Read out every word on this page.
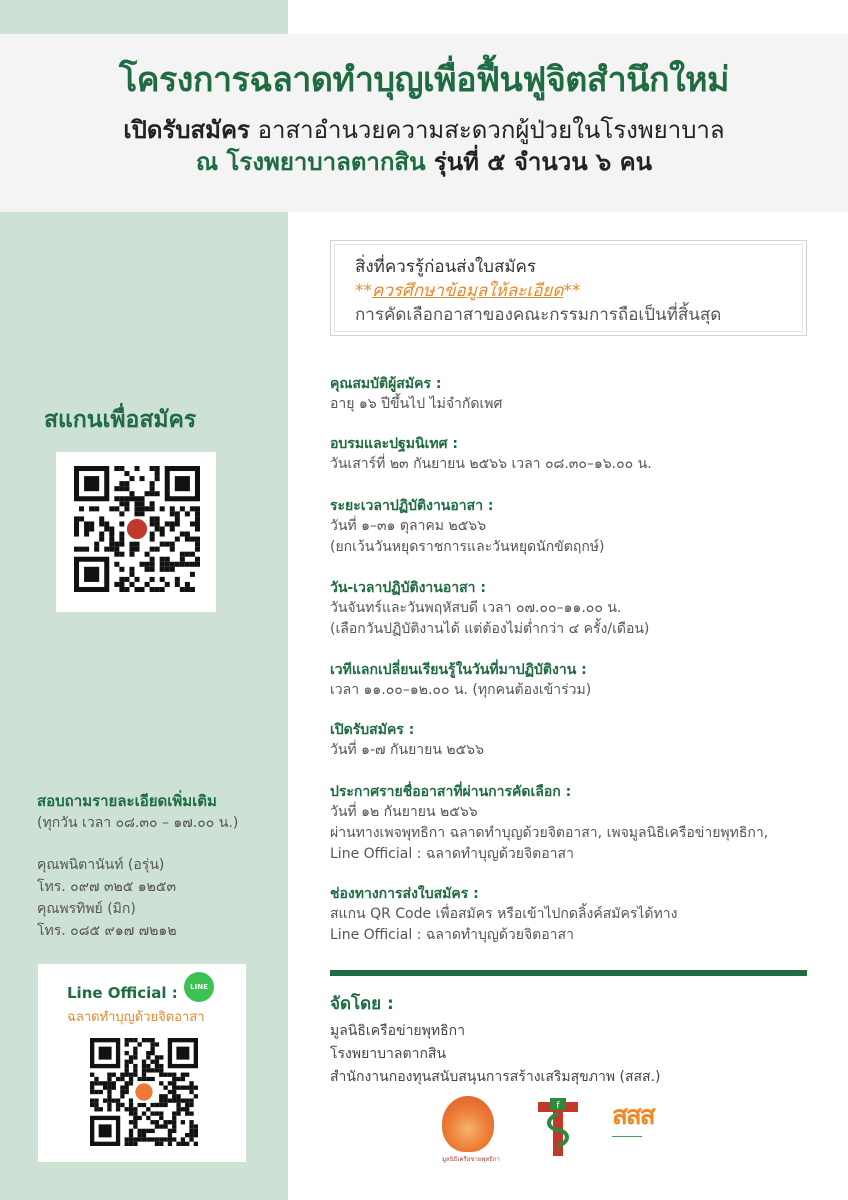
โครงการฉลาดทำบุญเพื่อฟื้นฟูจิตสำนึกใหม่
เปิดรับสมัคร อาสาอำนวยความสะดวกผู้ป่วยในโรงพยาบาล
ณ โรงพยาบาลตากสิน รุ่นที่ ๕ จำนวน ๖ คน
สแกนเพื่อสมัคร
สอบถามรายละเอียดเพิ่มเติม
(ทุกวัน เวลา ๐๘.๓๐ – ๑๗.๐๐ น.)
คุณพนิตานันท์ (อรุ่น)
โทร. ๐๙๗ ๓๒๕ ๑๒๕๓
คุณพรทิพย์ (มิก)
โทร. ๐๘๕ ๙๑๗ ๗๒๑๒
Line Official :	LINE
ฉลาดทำบุญด้วยจิตอาสา
สิ่งที่ควรรู้ก่อนส่งใบสมัคร
**ควรศึกษาข้อมูลให้ละเอียด**
การคัดเลือกอาสาของคณะกรรมการถือเป็นที่สิ้นสุด
คุณสมบัติผู้สมัคร :
อายุ ๑๖ ปีขึ้นไป ไม่จำกัดเพศ
อบรมและปฐมนิเทศ :
วันเสาร์ที่ ๒๓ กันยายน ๒๕๖๖ เวลา ๐๘.๓๐–๑๖.๐๐ น.
ระยะเวลาปฏิบัติงานอาสา :
วันที่ ๑–๓๑ ตุลาคม ๒๕๖๖
(ยกเว้นวันหยุดราชการและวันหยุดนักขัตฤกษ์)
วัน-เวลาปฏิบัติงานอาสา :
วันจันทร์และวันพฤหัสบดี เวลา ๐๗.๐๐–๑๑.๐๐ น.
(เลือกวันปฏิบัติงานได้ แต่ต้องไม่ต่ำกว่า ๔ ครั้ง/เดือน)
เวทีแลกเปลี่ยนเรียนรู้ในวันที่มาปฏิบัติงาน :
เวลา ๑๑.๐๐–๑๒.๐๐ น. (ทุกคนต้องเข้าร่วม)
เปิดรับสมัคร :
วันที่ ๑-๗ กันยายน ๒๕๖๖
ประกาศรายชื่ออาสาที่ผ่านการคัดเลือก :
วันที่ ๑๒ กันยายน ๒๕๖๖
ผ่านทางเพจพุทธิกา ฉลาดทำบุญด้วยจิตอาสา, เพจมูลนิธิเครือข่ายพุทธิกา,
Line Official : ฉลาดทำบุญด้วยจิตอาสา
ช่องทางการส่งใบสมัคร :
สแกน QR Code เพื่อสมัคร หรือเข้าไปกดลิ้งค์สมัครได้ทาง
Line Official : ฉลาดทำบุญด้วยจิตอาสา
จัดโดย :
มูลนิธิเครือข่ายพุทธิกา
โรงพยาบาลตากสิน
สำนักงานกองทุนสนับสนุนการสร้างเสริมสุขภาพ (สสส.)
มูลนิธิเครือข่ายพุทธิกา
f สสส
━━━━━━━━━━
